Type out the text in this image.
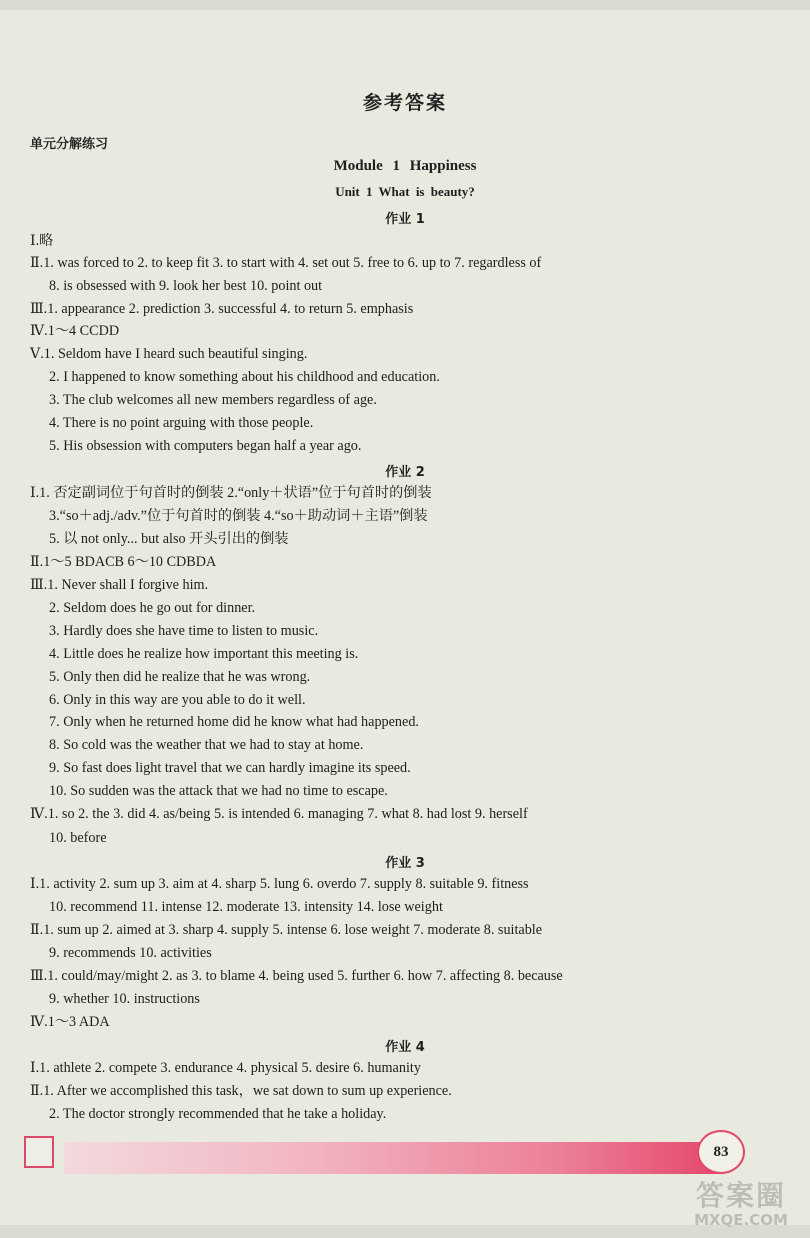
参考答案
单元分解练习
Module 1 Happiness
Unit 1 What is beauty?
作业 1
Ⅰ.略
Ⅱ.1. was forced to 2. to keep fit 3. to start with 4. set out 5. free to 6. up to 7. regardless of
8. is obsessed with 9. look her best 10. point out
Ⅲ.1. appearance 2. prediction 3. successful 4. to return 5. emphasis
Ⅳ.1～4 CCDD
Ⅴ.1. Seldom have I heard such beautiful singing.
2. I happened to know something about his childhood and education.
3. The club welcomes all new members regardless of age.
4. There is no point arguing with those people.
5. His obsession with computers began half a year ago.
作业 2
Ⅰ.1. 否定副词位于句首时的倒装 2.“only＋状语”位于句首时的倒装
3.“so＋adj./adv.”位于句首时的倒装 4.“so＋助动词＋主语”倒装
5. 以 not only... but also 开头引出的倒装
Ⅱ.1～5 BDACB 6～10 CDBDA
Ⅲ.1. Never shall I forgive him.
2. Seldom does he go out for dinner.
3. Hardly does she have time to listen to music.
4. Little does he realize how important this meeting is.
5. Only then did he realize that he was wrong.
6. Only in this way are you able to do it well.
7. Only when he returned home did he know what had happened.
8. So cold was the weather that we had to stay at home.
9. So fast does light travel that we can hardly imagine its speed.
10. So sudden was the attack that we had no time to escape.
Ⅳ.1. so 2. the 3. did 4. as/being 5. is intended 6. managing 7. what 8. had lost 9. herself
10. before
作业 3
Ⅰ.1. activity 2. sum up 3. aim at 4. sharp 5. lung 6. overdo 7. supply 8. suitable 9. fitness
10. recommend 11. intense 12. moderate 13. intensity 14. lose weight
Ⅱ.1. sum up 2. aimed at 3. sharp 4. supply 5. intense 6. lose weight 7. moderate 8. suitable
9. recommends 10. activities
Ⅲ.1. could/may/might 2. as 3. to blame 4. being used 5. further 6. how 7. affecting 8. because
9. whether 10. instructions
Ⅳ.1～3 ADA
作业 4
Ⅰ.1. athlete 2. compete 3. endurance 4. physical 5. desire 6. humanity
Ⅱ.1. After we accomplished this task，we sat down to sum up experience.
2. The doctor strongly recommended that he take a holiday.
83
答案圈
MXQE.COM
